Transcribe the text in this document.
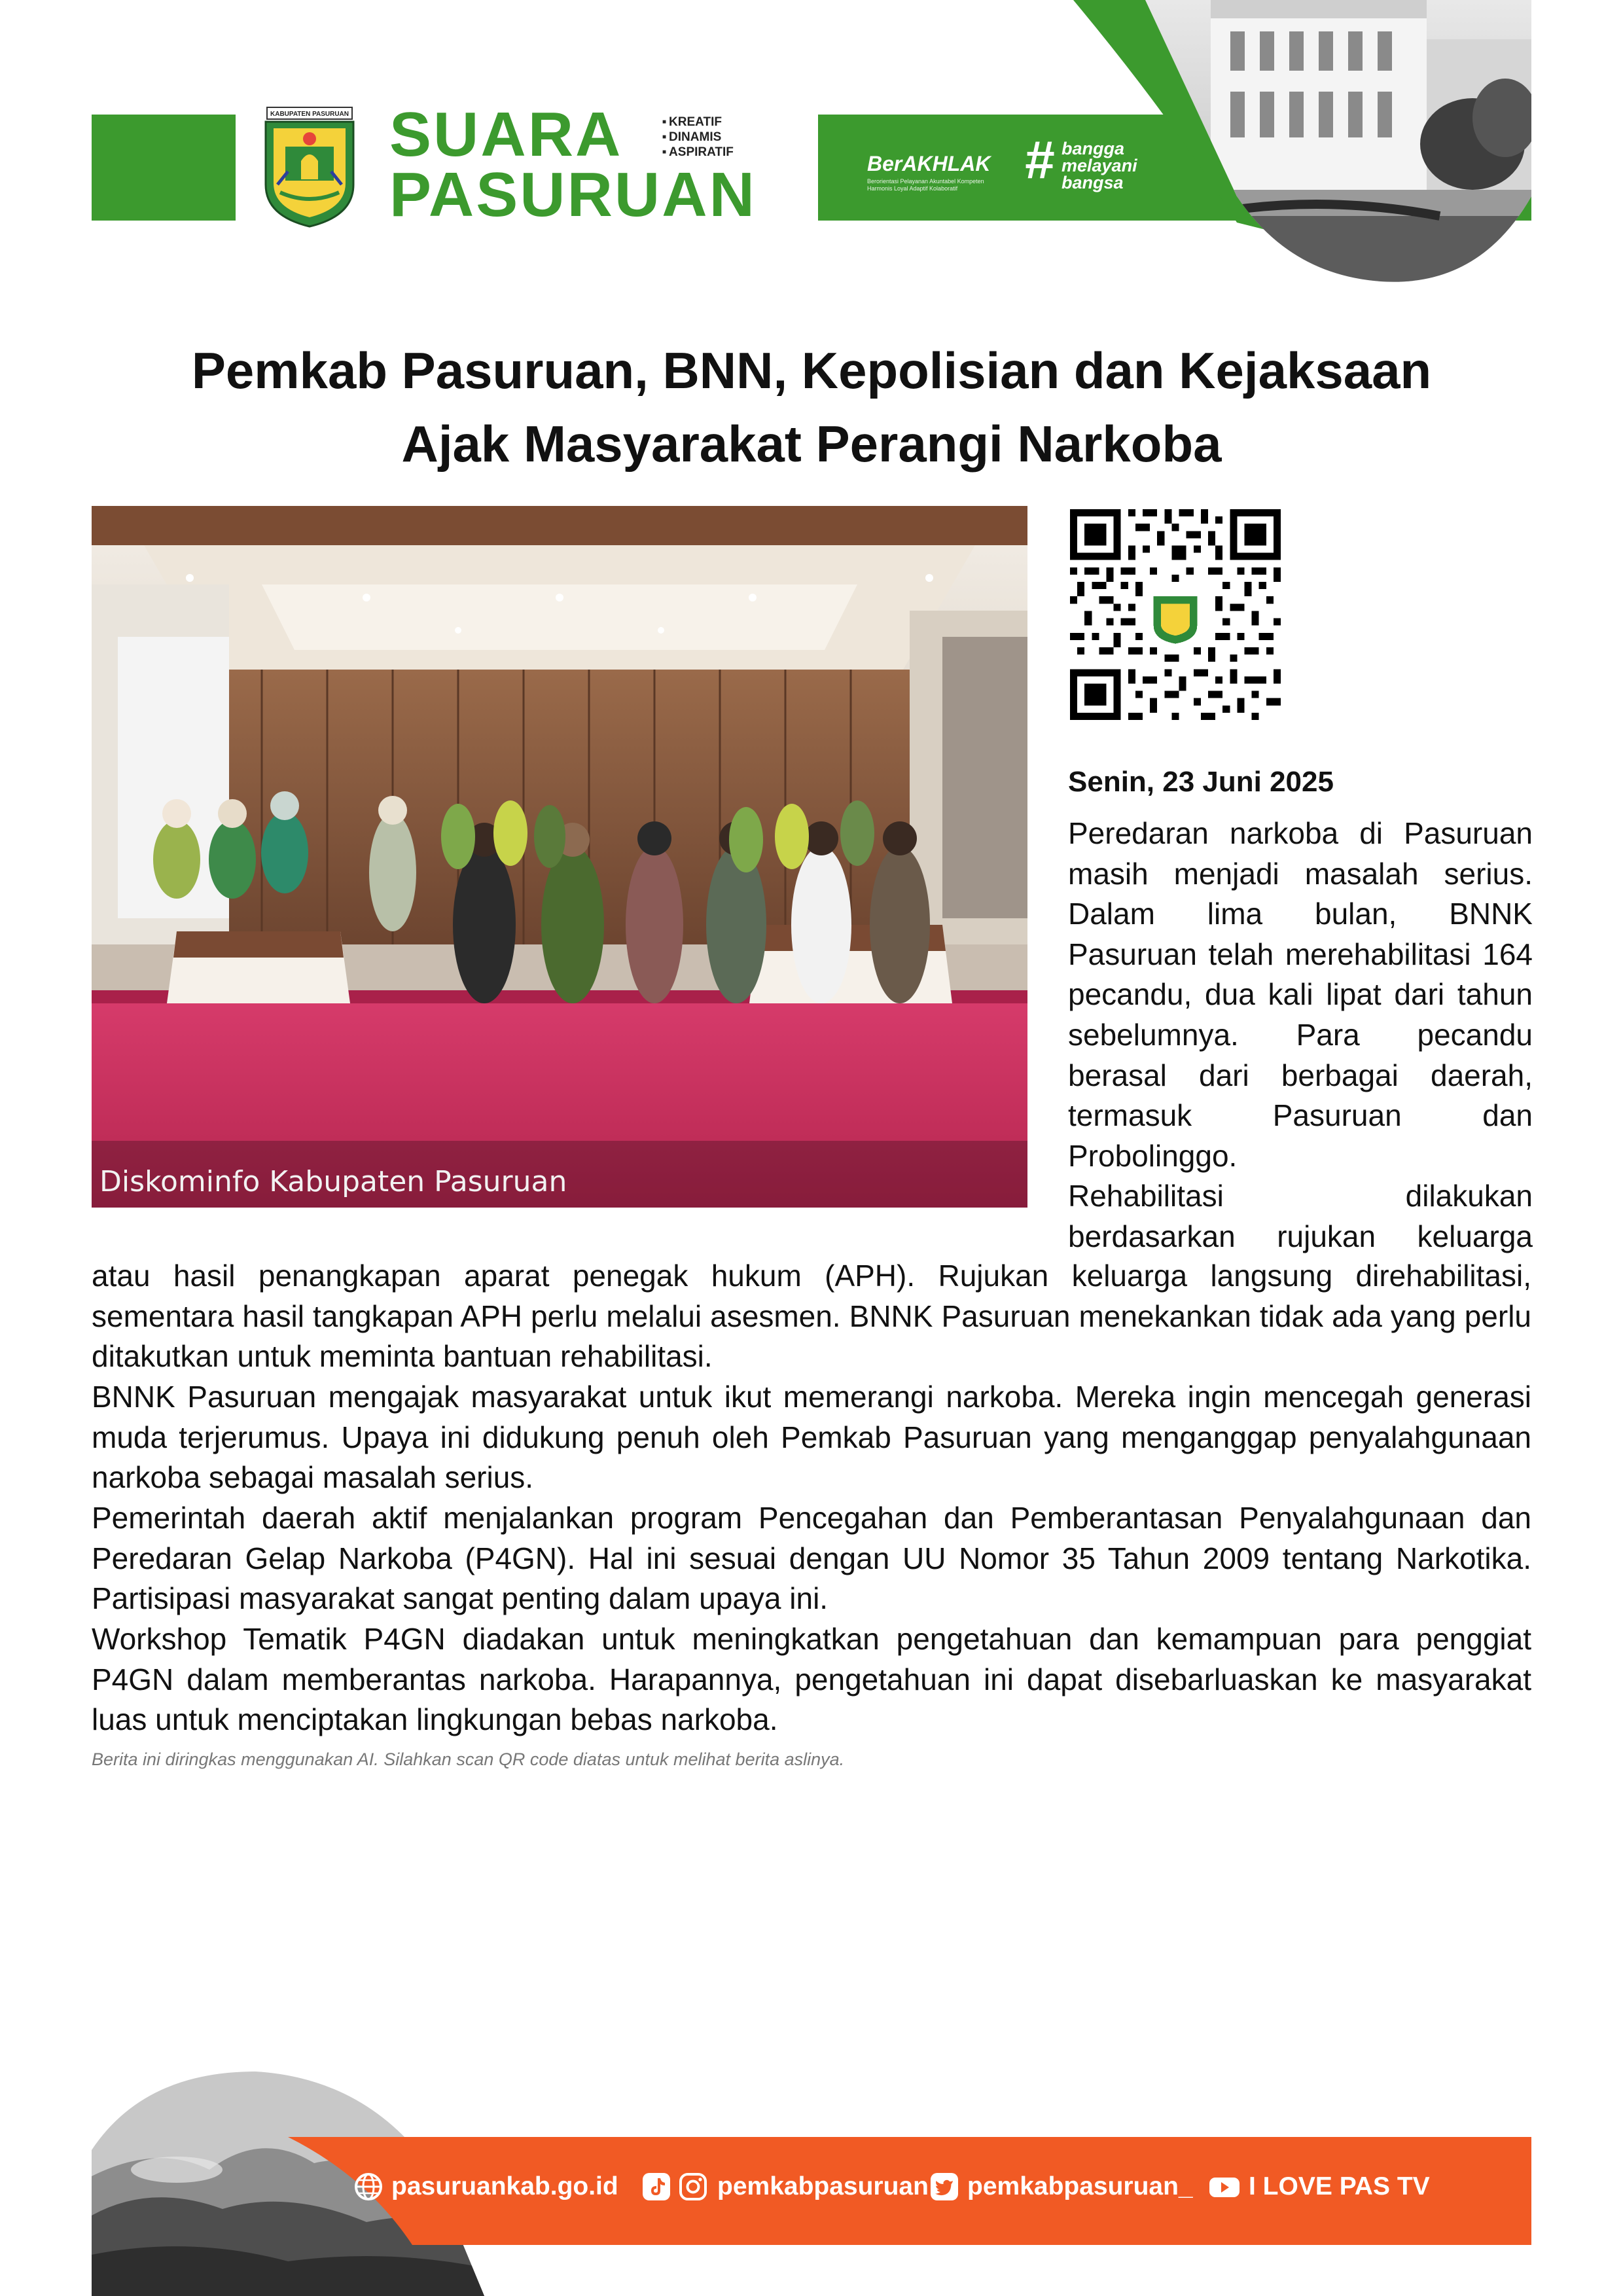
KABUPATEN PASURUAN SUARA
PASURUAN
■ KREATIF
■ DINAMIS
■ ASPIRATIF	BerAKHLAK
Berorientasi Pelayanan Akuntabel Kompeten Harmonis Loyal Adaptif Kolaboratif	# bangga
melayani
bangsa
Pemkab Pasuruan, BNN, Kepolisian dan Kejaksaan
Ajak Masyarakat Perangi Narkoba
Diskominfo Kabupaten Pasuruan
Senin, 23 Juni 2025
Peredaran narkoba di Pasuruan masih menjadi masalah serius. Dalam lima bulan, BNNK Pasuruan telah merehabilitasi 164 pecandu, dua kali lipat dari tahun sebelumnya. Para pecandu berasal dari berbagai daerah, termasuk Pasuruan dan Probolinggo.
Rehabilitasi dilakukan berdasarkan rujukan keluarga
atau hasil penangkapan aparat penegak hukum (APH). Rujukan keluarga langsung direhabilitasi, sementara hasil tangkapan APH perlu melalui asesmen. BNNK Pasuruan menekankan tidak ada yang perlu ditakutkan untuk meminta bantuan rehabilitasi.
BNNK Pasuruan mengajak masyarakat untuk ikut memerangi narkoba. Mereka ingin mencegah generasi muda terjerumus. Upaya ini didukung penuh oleh Pemkab Pasuruan yang menganggap penyalahgunaan narkoba sebagai masalah serius.
Pemerintah daerah aktif menjalankan program Pencegahan dan Pemberantasan Penyalahgunaan dan Peredaran Gelap Narkoba (P4GN). Hal ini sesuai dengan UU Nomor 35 Tahun 2009 tentang Narkotika. Partisipasi masyarakat sangat penting dalam upaya ini.
Workshop Tematik P4GN diadakan untuk meningkatkan pengetahuan dan kemampuan para penggiat P4GN dalam memberantas narkoba. Harapannya, pengetahuan ini dapat disebarluaskan ke masyarakat luas untuk menciptakan lingkungan bebas narkoba.
Berita ini diringkas menggunakan AI. Silahkan scan QR code diatas untuk melihat berita aslinya.
pasuruankab.go.id	pemkabpasuruan pemkabpasuruan_ I LOVE PAS TV
